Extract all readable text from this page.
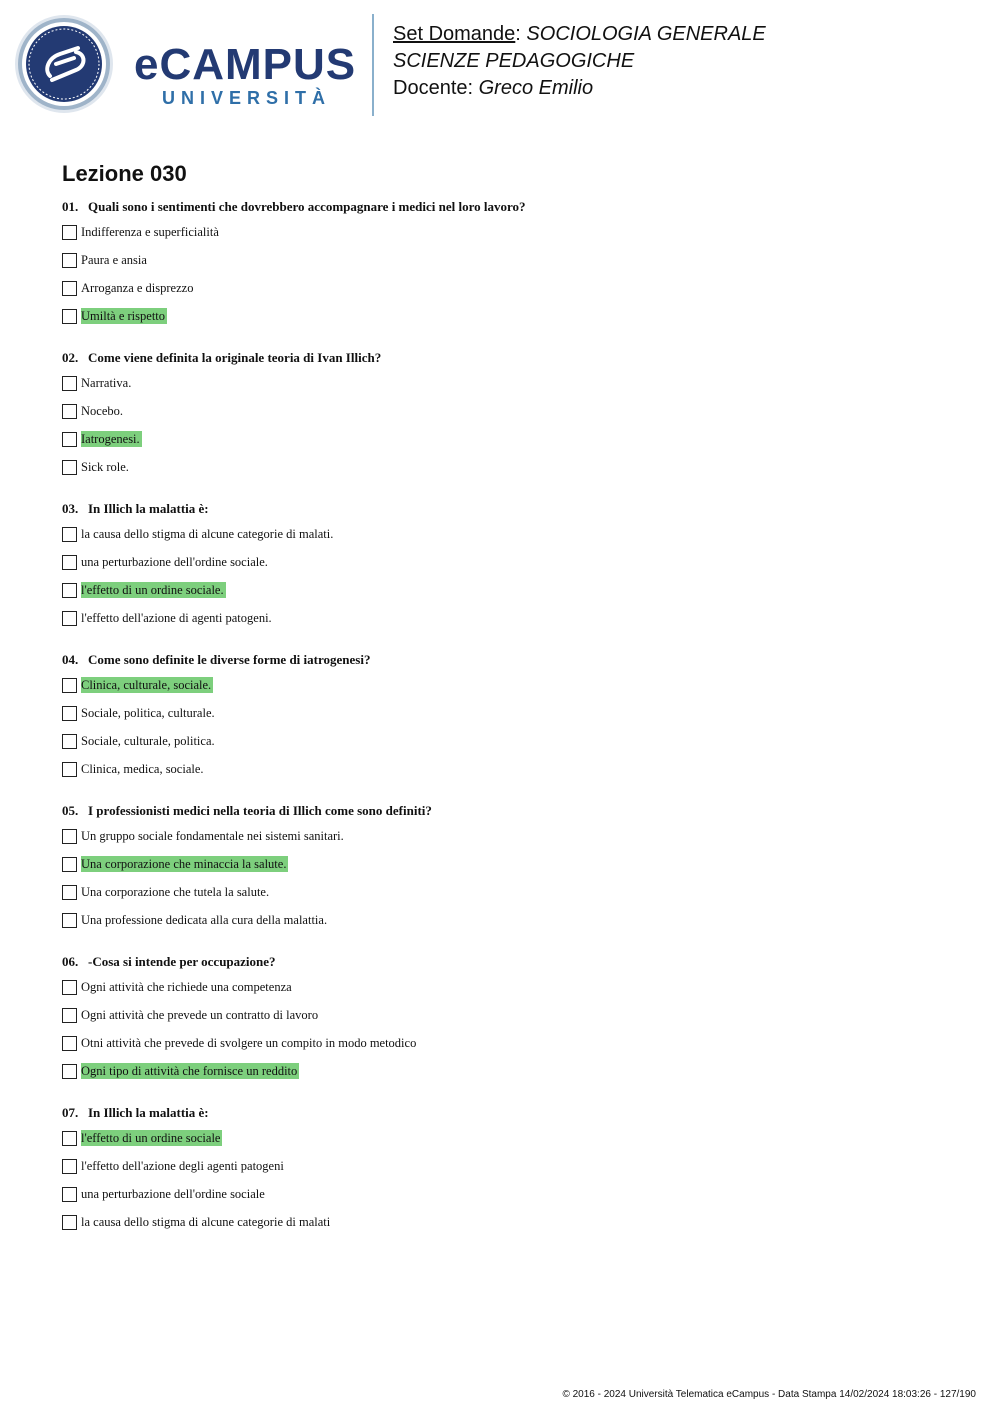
eCAMPUS
UNIVERSITÀ
Set Domande: SOCIOLOGIA GENERALE
SCIENZE PEDAGOGICHE
Docente: Greco Emilio
Lezione 030

01. Quali sono i sentimenti che dovrebbero accompagnare i medici nel loro lavoro?

Indifferenza e superficialità
Paura e ansia
Arroganza e disprezzo
Umiltà e rispetto

02. Come viene definita la originale teoria di Ivan Illich?

Narrativa.
Nocebo.
Iatrogenesi.
Sick role.

03. In Illich la malattia è:

la causa dello stigma di alcune categorie di malati.
una perturbazione dell'ordine sociale.
l'effetto di un ordine sociale.
l'effetto dell'azione di agenti patogeni.

04. Come sono definite le diverse forme di iatrogenesi?

Clinica, culturale, sociale.
Sociale, politica, culturale.
Sociale, culturale, politica.
Clinica, medica, sociale.

05. I professionisti medici nella teoria di Illich come sono definiti?

Un gruppo sociale fondamentale nei sistemi sanitari.
Una corporazione che minaccia la salute.
Una corporazione che tutela la salute.
Una professione dedicata alla cura della malattia.

06. -Cosa si intende per occupazione?

Ogni attività che richiede una competenza
Ogni attività che prevede un contratto di lavoro
Otni attività che prevede di svolgere un compito in modo metodico
Ogni tipo di attività che fornisce un reddito

07. In Illich la malattia è:

l'effetto di un ordine sociale
l'effetto dell'azione degli agenti patogeni
una perturbazione dell'ordine sociale
la causa dello stigma di alcune categorie di malati
© 2016 - 2024 Università Telematica eCampus - Data Stampa 14/02/2024 18:03:26 - 127/190
